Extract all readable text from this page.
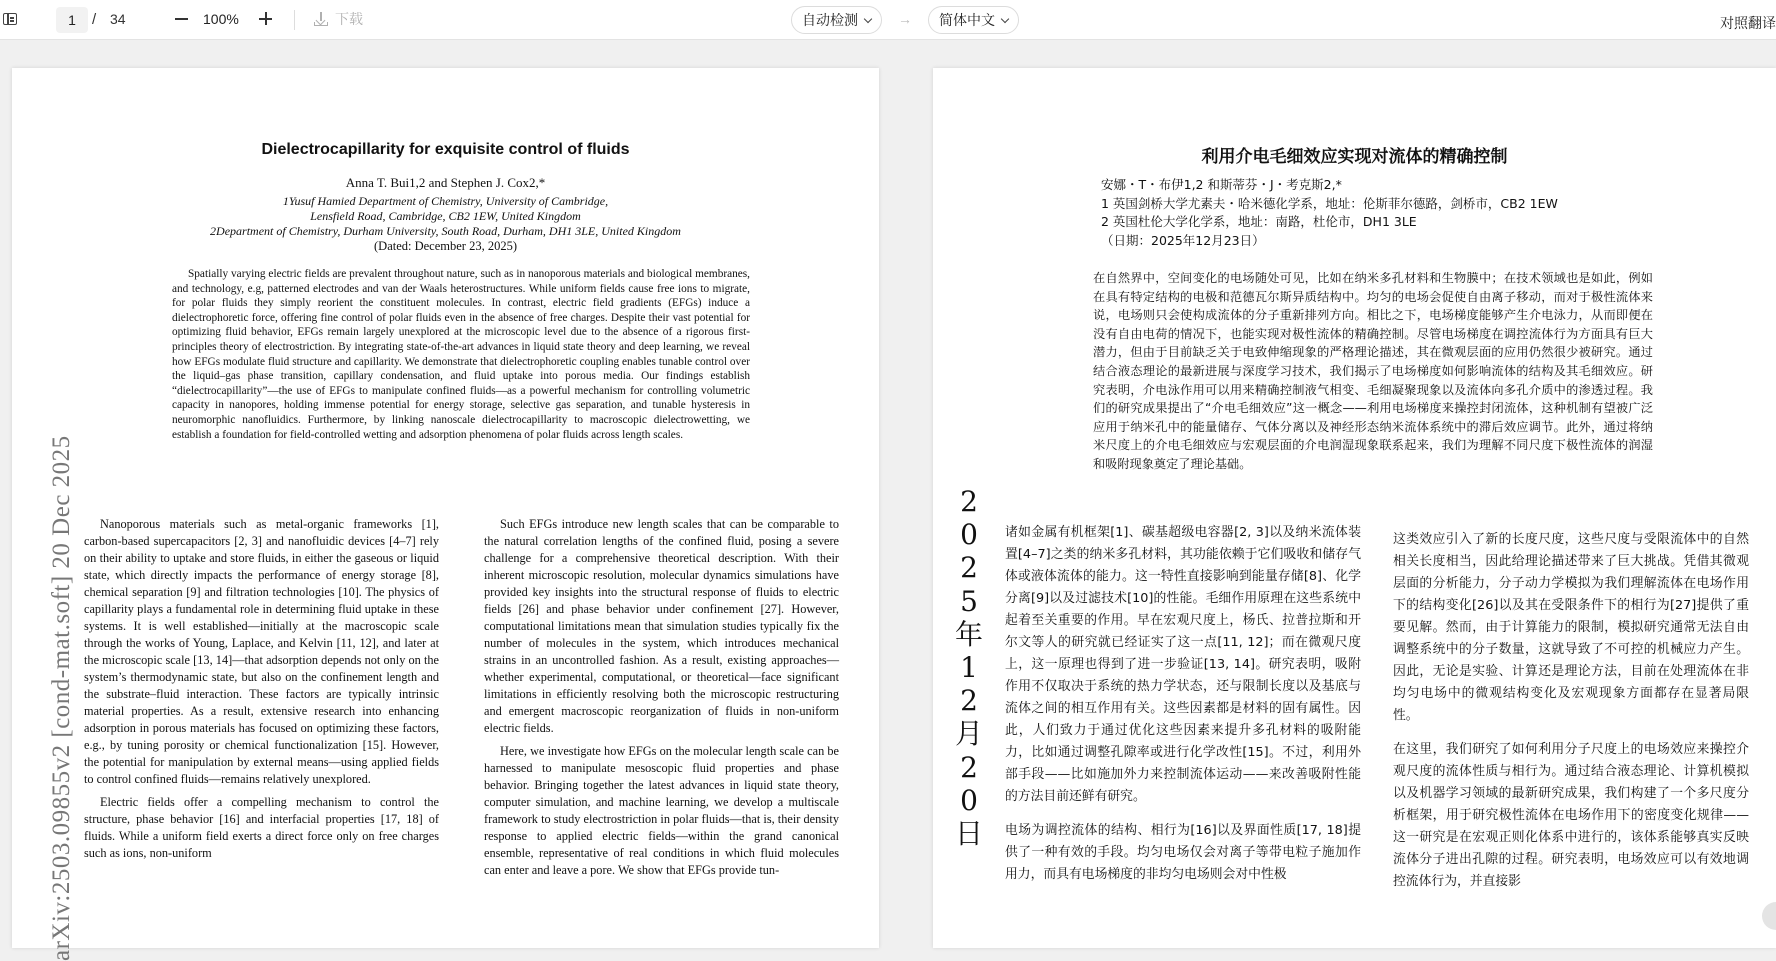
1	/ 34	100%	下载	自动检测	→ 简体中文	对照翻译
Dielectrocapillarity for exquisite control of fluids
Anna T. Bui1,2 and Stephen J. Cox2,*
1Yusuf Hamied Department of Chemistry, University of Cambridge,
Lensfield Road, Cambridge, CB2 1EW, United Kingdom
2Department of Chemistry, Durham University, South Road, Durham, DH1 3LE, United Kingdom
(Dated: December 23, 2025)
Spatially varying electric fields are prevalent throughout nature, such as in nanoporous materials and biological membranes, and technology, e.g, patterned electrodes and van der Waals heterostructures. While uniform fields cause free ions to migrate, for polar fluids they simply reorient the constituent molecules. In contrast, electric field gradients (EFGs) induce a dielectrophoretic force, offering fine control of polar fluids even in the absence of free charges. Despite their vast potential for optimizing fluid behavior, EFGs remain largely unexplored at the microscopic level due to the absence of a rigorous first-principles theory of electrostriction. By integrating state-of-the-art advances in liquid state theory and deep learning, we reveal how EFGs modulate fluid structure and capillarity. We demonstrate that dielectrophoretic coupling enables tunable control over the liquid–gas phase transition, capillary condensation, and fluid uptake into porous media. Our findings establish “dielectrocapillarity”—the use of EFGs to manipulate confined fluids—as a powerful mechanism for controlling volumetric capacity in nanopores, holding immense potential for energy storage, selective gas separation, and tunable hysteresis in neuromorphic nanofluidics. Furthermore, by linking nanoscale dielectrocapillarity to macroscopic dielectrowetting, we establish a foundation for field-controlled wetting and adsorption phenomena of polar fluids across length scales.

Nanoporous materials such as metal-organic frameworks [1], carbon-based supercapacitors [2, 3] and nanofluidic devices [4–7] rely on their ability to uptake and store fluids, in either the gaseous or liquid state, which directly impacts the performance of energy storage [8], chemical separation [9] and filtration technologies [10]. The physics of capillarity plays a fundamental role in determining fluid uptake in these systems. It is well established—initially at the macroscopic scale through the works of Young, Laplace, and Kelvin [11, 12], and later at the microscopic scale [13, 14]—that adsorption depends not only on the system’s thermodynamic state, but also on the confinement length and the substrate–fluid interaction. These factors are typically intrinsic material properties. As a result, extensive research into enhancing adsorption in porous materials has focused on optimizing these factors, e.g., by tuning porosity or chemical functionalization [15]. However, the potential for manipulation by external means—using applied fields to control confined fluids—remains relatively unexplored.

Electric fields offer a compelling mechanism to control the structure, phase behavior [16] and interfacial properties [17, 18] of fluids. While a uniform field exerts a direct force only on free charges such as ions, non-uniform

Such EFGs introduce new length scales that can be comparable to the natural correlation lengths of the confined fluid, posing a severe challenge for a comprehensive theoretical description. With their inherent microscopic resolution, molecular dynamics simulations have provided key insights into the structural response of fluids to electric fields [26] and phase behavior under confinement [27]. However, computational limitations mean that simulation studies typically fix the number of molecules in the system, which introduces mechanical strains in an uncontrolled fashion. As a result, existing approaches—whether experimental, computational, or theoretical—face significant limitations in efficiently resolving both the microscopic restructuring and emergent macroscopic reorganization of fluids in non-uniform electric fields.

Here, we investigate how EFGs on the molecular length scale can be harnessed to manipulate mesoscopic fluid properties and phase behavior. Bringing together the latest advances in liquid state theory, computer simulation, and machine learning, we develop a multiscale framework to study electrostriction in polar fluids—that is, their density response to applied electric fields—within the grand canonical ensemble, representative of real conditions in which fluid molecules can enter and leave a pore. We show that EFGs provide tun-

arXiv:2503.09855v2 [cond-mat.soft] 20 Dec 2025
利用介电毛细效应实现对流体的精确控制
安娜・T・布伊1,2 和斯蒂芬・J・考克斯2,*
1 英国剑桥大学尤素夫・哈米德化学系，地址：伦斯菲尔德路，剑桥市，CB2 1EW
2 英国杜伦大学化学系，地址：南路，杜伦市，DH1 3LE
（日期：2025年12月23日）
在自然界中，空间变化的电场随处可见，比如在纳米多孔材料和生物膜中；在技术领域也是如此，例如在具有特定结构的电极和范德瓦尔斯异质结构中。均匀的电场会促使自由离子移动，而对于极性流体来说，电场则只会使构成流体的分子重新排列方向。相比之下，电场梯度能够产生介电泳力，从而即便在没有自由电荷的情况下，也能实现对极性流体的精确控制。尽管电场梯度在调控流体行为方面具有巨大潜力，但由于目前缺乏关于电致伸缩现象的严格理论描述，其在微观层面的应用仍然很少被研究。通过结合液态理论的最新进展与深度学习技术，我们揭示了电场梯度如何影响流体的结构及其毛细效应。研究表明，介电泳作用可以用来精确控制液气相变、毛细凝聚现象以及流体向多孔介质中的渗透过程。我们的研究成果提出了“介电毛细效应”这一概念——利用电场梯度来操控封闭流体，这种机制有望被广泛应用于纳米孔中的能量储存、气体分离以及神经形态纳米流体系统中的滞后效应调节。此外，通过将纳米尺度上的介电毛细效应与宏观层面的介电润湿现象联系起来，我们为理解不同尺度下极性流体的润湿和吸附现象奠定了理论基础。
2
0
2
5
年
1
2
月
2
0
日

诸如金属有机框架[1]、碳基超级电容器[2, 3]以及纳米流体装置[4–7]之类的纳米多孔材料，其功能依赖于它们吸收和储存气体或液体流体的能力。这一特性直接影响到能量存储[8]、化学分离[9]以及过滤技术[10]的性能。毛细作用原理在这些系统中起着至关重要的作用。早在宏观尺度上，杨氏、拉普拉斯和开尔文等人的研究就已经证实了这一点[11, 12]；而在微观尺度上，这一原理也得到了进一步验证[13, 14]。研究表明，吸附作用不仅取决于系统的热力学状态，还与限制长度以及基底与流体之间的相互作用有关。这些因素都是材料的固有属性。因此，人们致力于通过优化这些因素来提升多孔材料的吸附能力，比如通过调整孔隙率或进行化学改性[15]。不过，利用外部手段——比如施加外力来控制流体运动——来改善吸附性能的方法目前还鲜有研究。

电场为调控流体的结构、相行为[16]以及界面性质[17, 18]提供了一种有效的手段。均匀电场仅会对离子等带电粒子施加作用力，而具有电场梯度的非均匀电场则会对中性极

这类效应引入了新的长度尺度，这些尺度与受限流体中的自然相关长度相当，因此给理论描述带来了巨大挑战。凭借其微观层面的分析能力，分子动力学模拟为我们理解流体在电场作用下的结构变化[26]以及其在受限条件下的相行为[27]提供了重要见解。然而，由于计算能力的限制，模拟研究通常无法自由调整系统中的分子数量，这就导致了不可控的机械应力产生。因此，无论是实验、计算还是理论方法，目前在处理流体在非均匀电场中的微观结构变化及宏观现象方面都存在显著局限性。

在这里，我们研究了如何利用分子尺度上的电场效应来操控介观尺度的流体性质与相行为。通过结合液态理论、计算机模拟以及机器学习领域的最新研究成果，我们构建了一个多尺度分析框架，用于研究极性流体在电场作用下的密度变化规律——这一研究是在宏观正则化体系中进行的，该体系能够真实反映流体分子进出孔隙的过程。研究表明，电场效应可以有效地调控流体行为，并直接影
